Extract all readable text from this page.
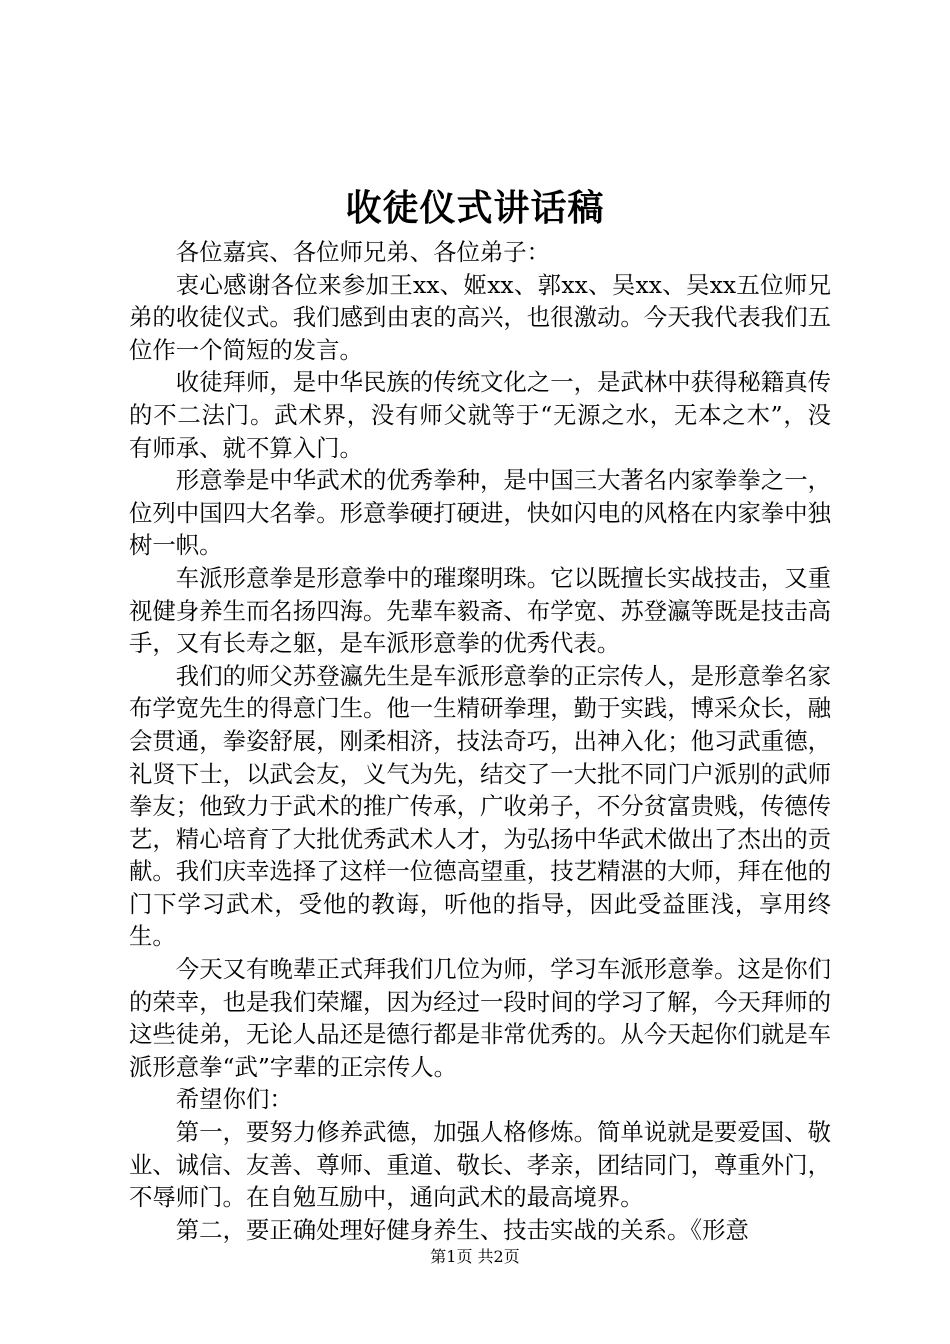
收徒仪式讲话稿

各位嘉宾、各位师兄弟、各位弟子：

衷心感谢各位来参加王xx、姬xx、郭xx、吴xx、吴xx五位师兄弟的收徒仪式。我们感到由衷的高兴，也很激动。今天我代表我们五位作一个简短的发言。

收徒拜师，是中华民族的传统文化之一，是武林中获得秘籍真传的不二法门。武术界，没有师父就等于“无源之水，无本之木”，没有师承、就不算入门。

形意拳是中华武术的优秀拳种，是中国三大著名内家拳拳之一，位列中国四大名拳。形意拳硬打硬进，快如闪电的风格在内家拳中独树一帜。

车派形意拳是形意拳中的璀璨明珠。它以既擅长实战技击，又重视健身养生而名扬四海。先辈车毅斋、布学宽、苏登瀛等既是技击高手，又有长寿之躯，是车派形意拳的优秀代表。

我们的师父苏登瀛先生是车派形意拳的正宗传人，是形意拳名家布学宽先生的得意门生。他一生精研拳理，勤于实践，博采众长，融会贯通，拳姿舒展，刚柔相济，技法奇巧，出神入化；他习武重德，礼贤下士，以武会友，义气为先，结交了一大批不同门户派别的武师拳友；他致力于武术的推广传承，广收弟子，不分贫富贵贱，传德传艺，精心培育了大批优秀武术人才，为弘扬中华武术做出了杰出的贡献。我们庆幸选择了这样一位德高望重，技艺精湛的大师，拜在他的门下学习武术，受他的教诲，听他的指导，因此受益匪浅，享用终生。

今天又有晚辈正式拜我们几位为师，学习车派形意拳。这是你们的荣幸，也是我们荣耀，因为经过一段时间的学习了解，今天拜师的这些徒弟，无论人品还是德行都是非常优秀的。从今天起你们就是车派形意拳“武”字辈的正宗传人。

希望你们：

第一，要努力修养武德，加强人格修炼。简单说就是要爱国、敬业、诚信、友善、尊师、重道、敬长、孝亲，团结同门，尊重外门，不辱师门。在自勉互励中，通向武术的最高境界。

第二，要正确处理好健身养生、技击实战的关系。《形意

第1页 共2页
